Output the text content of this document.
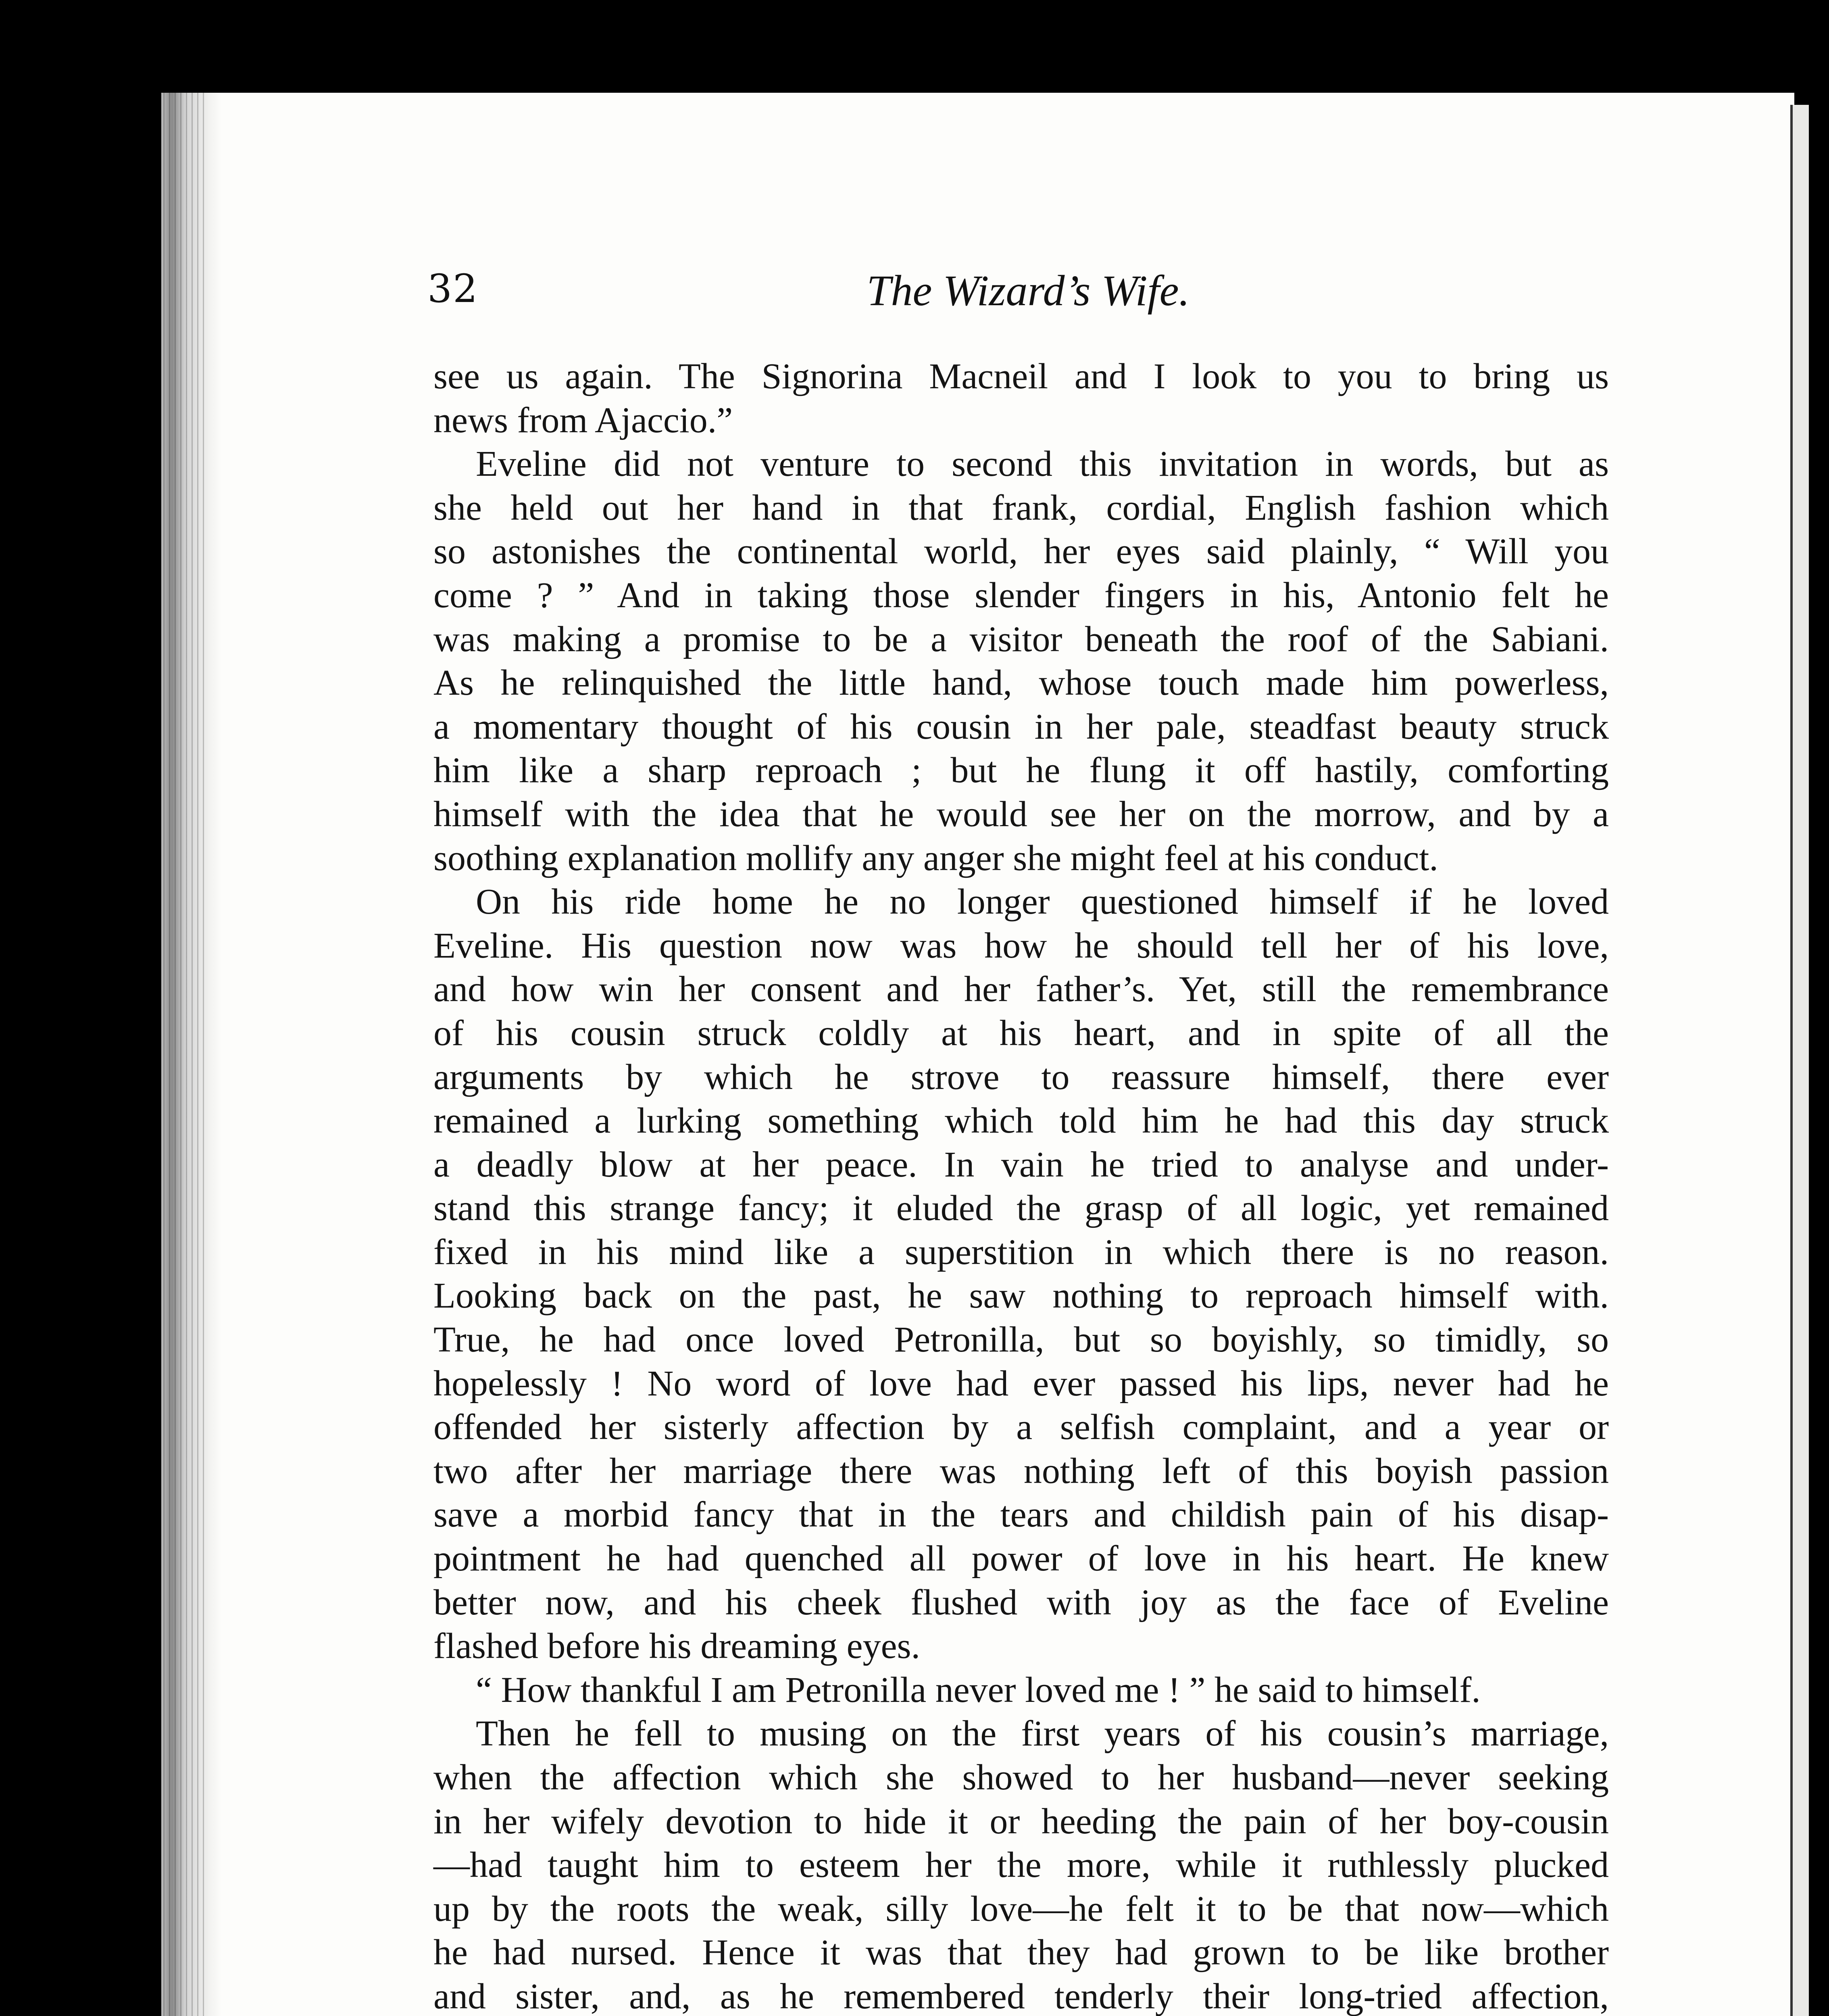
32	The Wizard’s Wife.

see us again. The Signorina Macneil and I look to you to bring us

news from Ajaccio.”

Eveline did not venture to second this invitation in words, but as

she held out her hand in that frank, cordial, English fashion which

so astonishes the continental world, her eyes said plainly, “ Will you

come ? ” And in taking those slender fingers in his, Antonio felt he

was making a promise to be a visitor beneath the roof of the Sabiani.

As he relinquished the little hand, whose touch made him powerless,

a momentary thought of his cousin in her pale, steadfast beauty struck

him like a sharp reproach ; but he flung it off hastily, comforting

himself with the idea that he would see her on the morrow, and by a

soothing explanation mollify any anger she might feel at his conduct.

On his ride home he no longer questioned himself if he loved

Eveline. His question now was how he should tell her of his love,

and how win her consent and her father’s. Yet, still the remembrance

of his cousin struck coldly at his heart, and in spite of all the

arguments by which he strove to reassure himself, there ever

remained a lurking something which told him he had this day struck

a deadly blow at her peace. In vain he tried to analyse and under-

stand this strange fancy; it eluded the grasp of all logic, yet remained

fixed in his mind like a superstition in which there is no reason.

Looking back on the past, he saw nothing to reproach himself with.

True, he had once loved Petronilla, but so boyishly, so timidly, so

hopelessly ! No word of love had ever passed his lips, never had he

offended her sisterly affection by a selfish complaint, and a year or

two after her marriage there was nothing left of this boyish passion

save a morbid fancy that in the tears and childish pain of his disap-

pointment he had quenched all power of love in his heart. He knew

better now, and his cheek flushed with joy as the face of Eveline

flashed before his dreaming eyes.

“ How thankful I am Petronilla never loved me ! ” he said to himself.

Then he fell to musing on the first years of his cousin’s marriage,

when the affection which she showed to her husband—never seeking

in her wifely devotion to hide it or heeding the pain of her boy-cousin

—had taught him to esteem her the more, while it ruthlessly plucked

up by the roots the weak, silly love—he felt it to be that now—which

he had nursed. Hence it was that they had grown to be like brother

and sister, and, as he remembered tenderly their long-tried affection,
